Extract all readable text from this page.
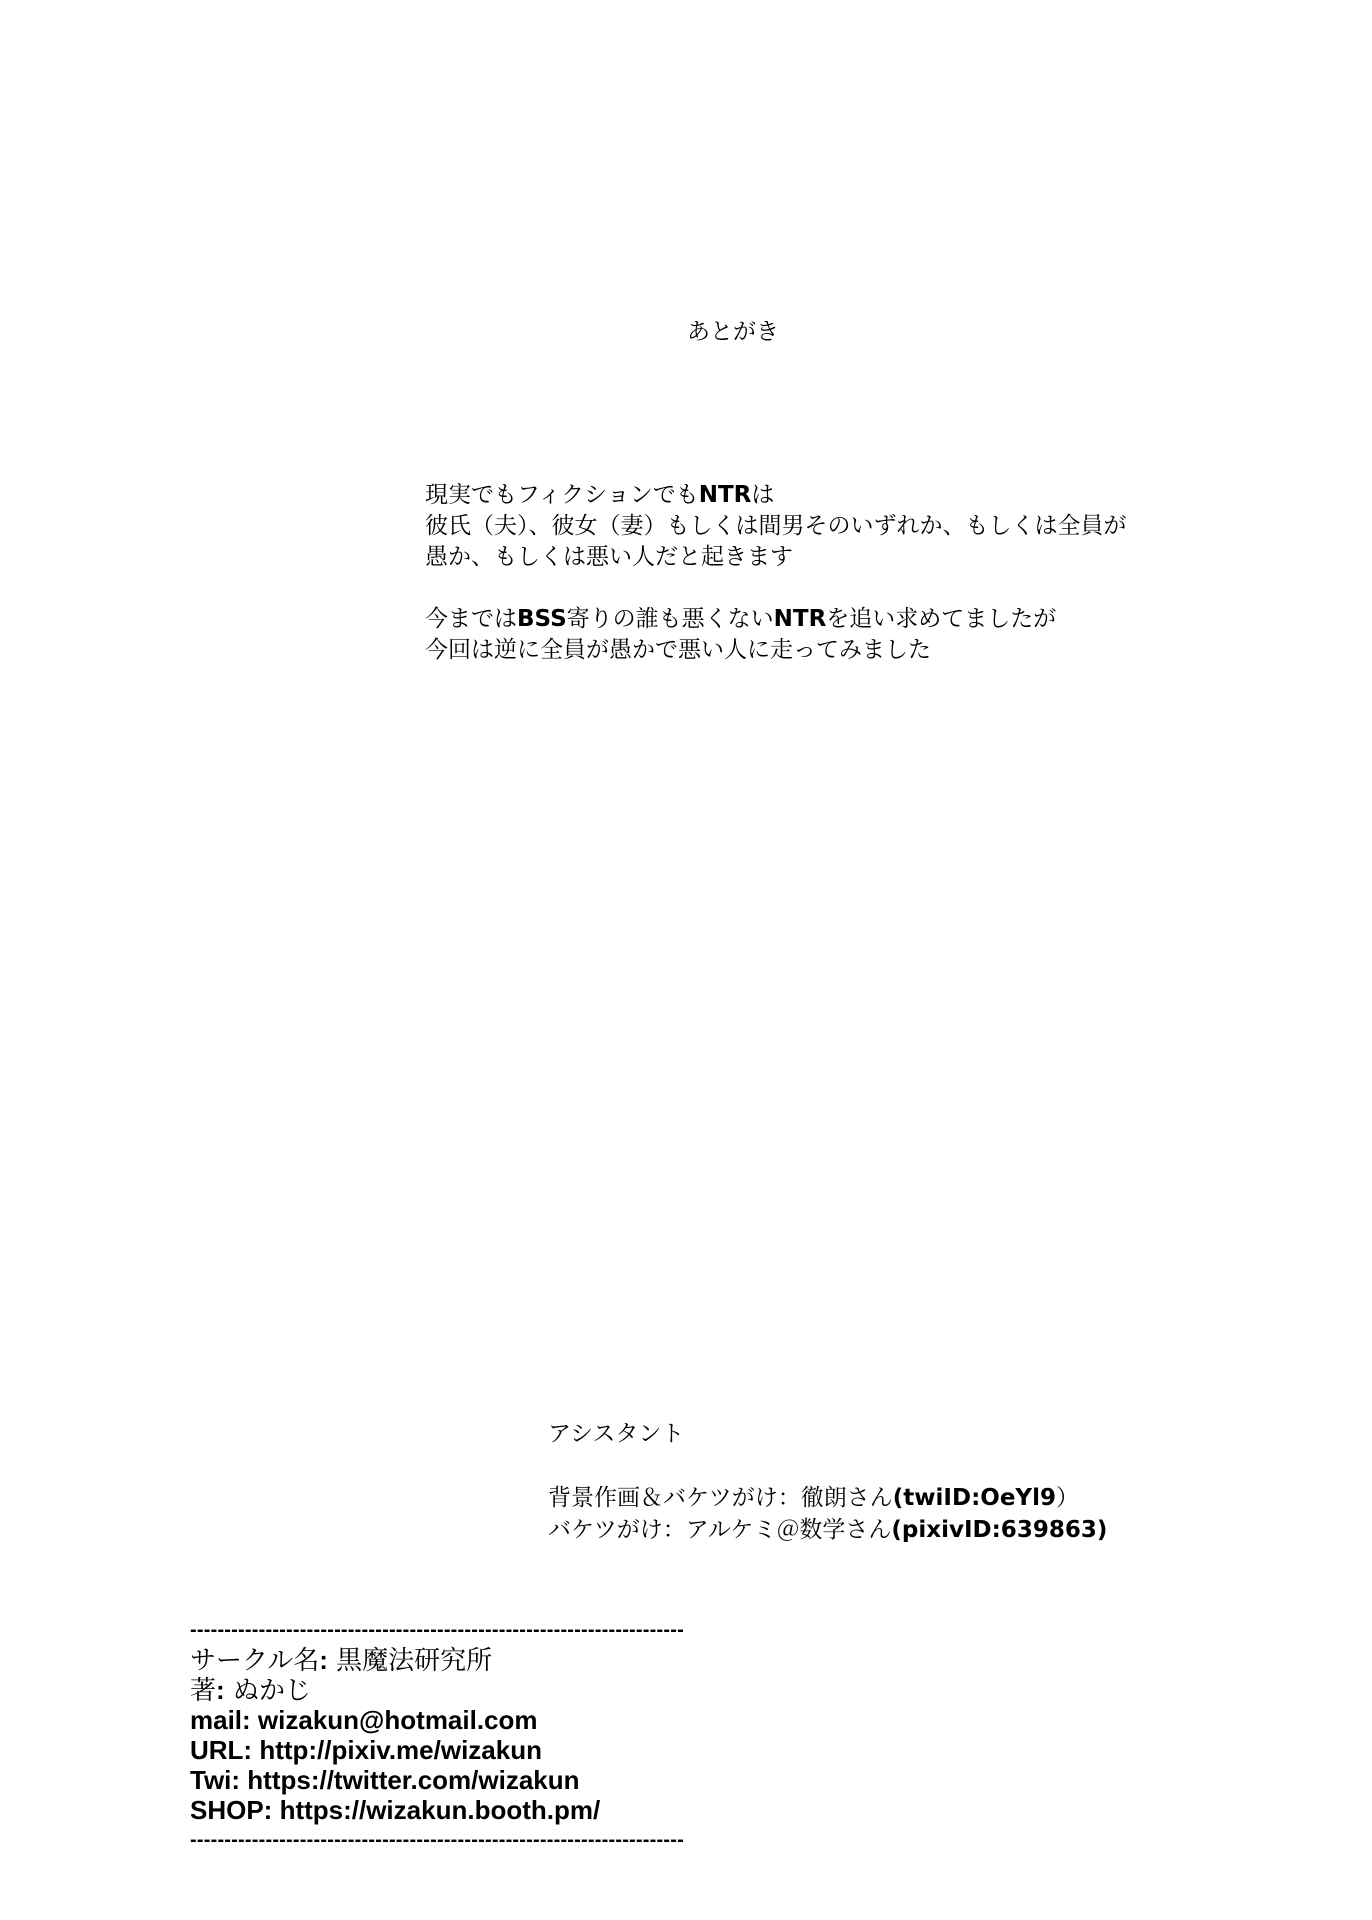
あとがき
現実でもフィクションでもNTRは
彼氏（夫）、彼女（妻）もしくは間男そのいずれか、もしくは全員が
愚か、もしくは悪い人だと起きます
今まではBSS寄りの誰も悪くないNTRを追い求めてましたが
今回は逆に全員が愚かで悪い人に走ってみました
アシスタント
背景作画＆バケツがけ：徹朗さん(twiID:OeYl9）
バケツがけ：アルケミ＠数学さん(pixivID:639863)
------------------------------------------------------------------------
サークル名: 黒魔法研究所
著: ぬかじ
mail: wizakun@hotmail.com
URL: http://pixiv.me/wizakun
Twi: https://twitter.com/wizakun
SHOP: https://wizakun.booth.pm/
------------------------------------------------------------------------
